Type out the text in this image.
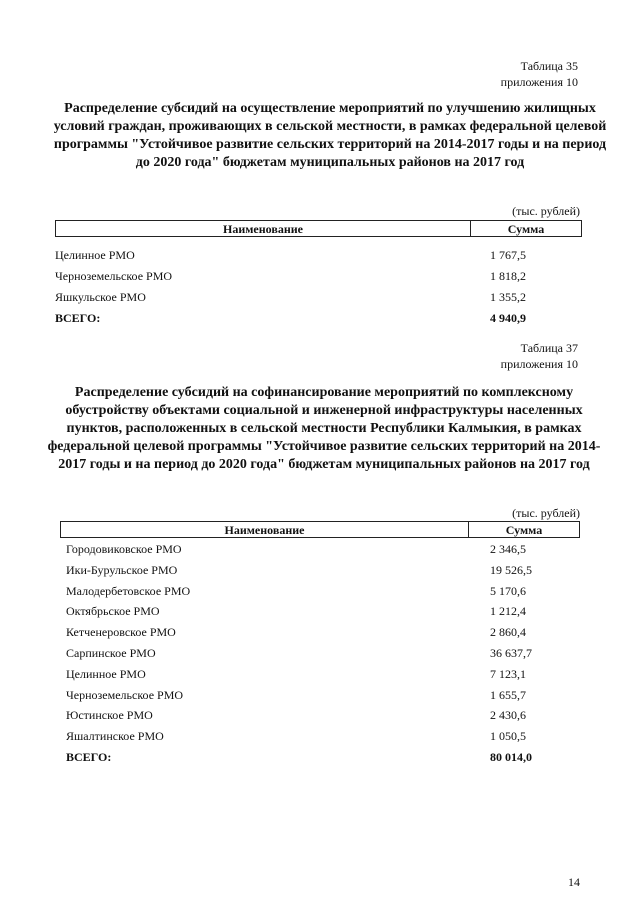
Таблица 35
приложения 10
Распределение субсидий на осуществление мероприятий по улучшению жилищных условий граждан, проживающих в сельской местности, в рамках федеральной целевой программы "Устойчивое развитие сельских территорий на 2014-2017 годы и на период до 2020 года" бюджетам муниципальных районов на 2017 год
(тыс. рублей)
Наименование	Сумма
Целинное РМО	1 767,5
Черноземельское РМО	1 818,2
Яшкульское РМО	1 355,2
ВСЕГО:	4 940,9
Таблица 37
приложения 10
Распределение субсидий на софинансирование мероприятий по комплексному обустройству объектами социальной и инженерной инфраструктуры населенных пунктов, расположенных в сельской местности Республики Калмыкия, в рамках федеральной целевой программы "Устойчивое развитие сельских территорий на 2014-2017 годы и на период до 2020 года" бюджетам муниципальных районов на 2017 год
(тыс. рублей)
Наименование	Сумма
Городовиковское РМО	2 346,5
Ики-Бурульское РМО	19 526,5
Малодербетовское РМО	5 170,6
Октябрьское РМО	1 212,4
Кетченеровское РМО	2 860,4
Сарпинское РМО	36 637,7
Целинное РМО	7 123,1
Черноземельское РМО	1 655,7
Юстинское РМО	2 430,6
Яшалтинское РМО	1 050,5
ВСЕГО:	80 014,0
14
